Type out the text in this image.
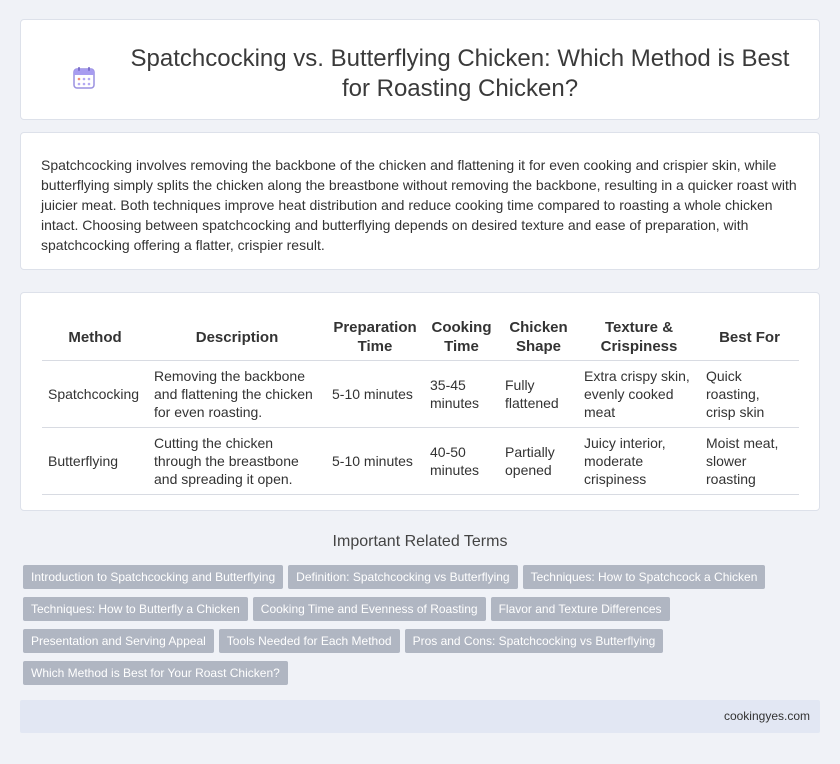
Spatchcocking vs. Butterflying Chicken: Which Method is Best for Roasting Chicken?

Spatchcocking involves removing the backbone of the chicken and flattening it for even cooking and crispier skin, while butterflying simply splits the chicken along the breastbone without removing the backbone, resulting in a quicker roast with juicier meat. Both techniques improve heat distribution and reduce cooking time compared to roasting a whole chicken intact. Choosing between spatchcocking and butterflying depends on desired texture and ease of preparation, with spatchcocking offering a flatter, crispier result.

Method	Description	Preparation Time	Cooking Time	Chicken Shape	Texture & Crispiness	Best For
Spatchcocking	Removing the backbone and flattening the chicken for even roasting.	5-10 minutes	35-45 minutes	Fully flattened	Extra crispy skin, evenly cooked meat	Quick roasting, crisp skin
Butterflying	Cutting the chicken through the breastbone and spreading it open.	5-10 minutes	40-50 minutes	Partially opened	Juicy interior, moderate crispiness	Moist meat, slower roasting
Important Related Terms
Introduction to Spatchcocking and Butterflying Definition: Spatchcocking vs Butterflying Techniques: How to Spatchcock a Chicken
Techniques: How to Butterfly a Chicken Cooking Time and Evenness of Roasting Flavor and Texture Differences
Presentation and Serving Appeal Tools Needed for Each Method Pros and Cons: Spatchcocking vs Butterflying
Which Method is Best for Your Roast Chicken?
cookingyes.com
